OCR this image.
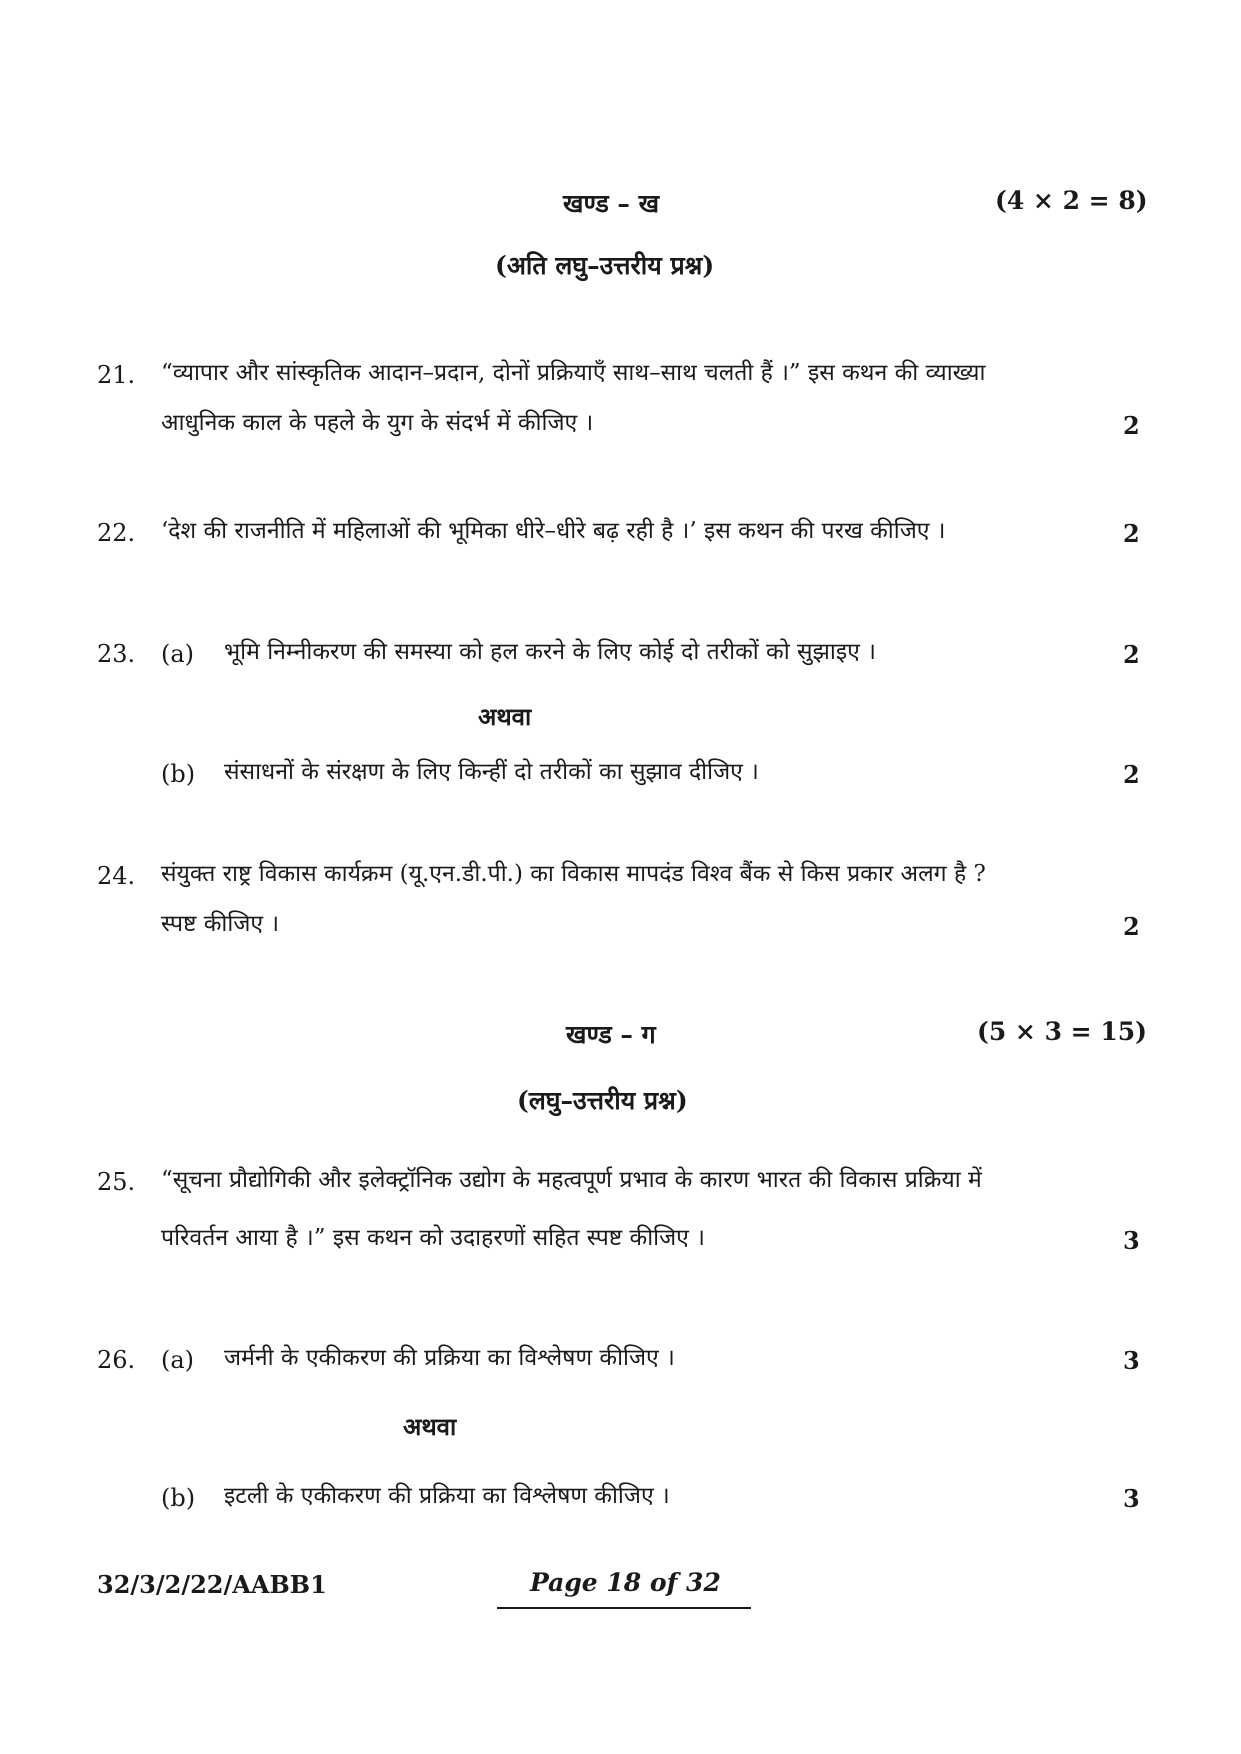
खण्ड – ख	(4 × 2 = 8)
(अति लघु–उत्तरीय प्रश्न)
21. “व्यापार और सांस्कृतिक आदान–प्रदान, दोनों प्रक्रियाएँ साथ–साथ चलती हैं ।” इस कथन की व्याख्या
आधुनिक काल के पहले के युग के संदर्भ में कीजिए ।	2
22. ‘देश की राजनीति में महिलाओं की भूमिका धीरे–धीरे बढ़ रही है ।’ इस कथन की परख कीजिए ।	2
23. (a) भूमि निम्नीकरण की समस्या को हल करने के लिए कोई दो तरीकों को सुझाइए ।	2
अथवा
(b) संसाधनों के संरक्षण के लिए किन्हीं दो तरीकों का सुझाव दीजिए ।	2
24. संयुक्त राष्ट्र विकास कार्यक्रम (यू.एन.डी.पी.) का विकास मापदंड विश्व बैंक से किस प्रकार अलग है ?
स्पष्ट कीजिए ।	2
खण्ड – ग	(5 × 3 = 15)
(लघु–उत्तरीय प्रश्न)
25. “सूचना प्रौद्योगिकी और इलेक्ट्रॉनिक उद्योग के महत्वपूर्ण प्रभाव के कारण भारत की विकास प्रक्रिया में
परिवर्तन आया है ।” इस कथन को उदाहरणों सहित स्पष्ट कीजिए ।	3
26. (a) जर्मनी के एकीकरण की प्रक्रिया का विश्लेषण कीजिए ।	3
अथवा
(b) इटली के एकीकरण की प्रक्रिया का विश्लेषण कीजिए ।	3
32/3/2/22/AABB1	Page 18 of 32
